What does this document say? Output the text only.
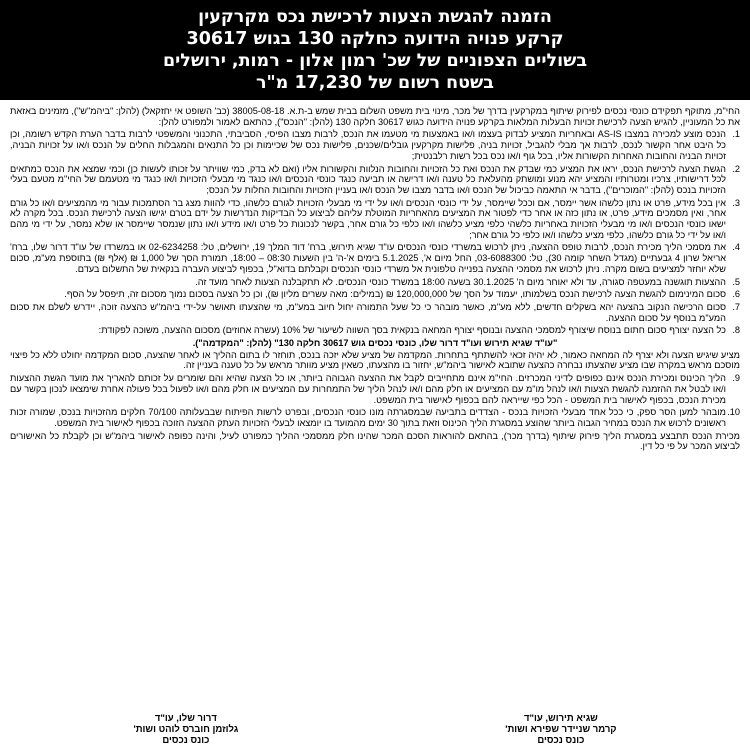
הזמנה להגשת הצעות לרכישת נכס מקרקעין
קרקע פנויה הידועה כחלקה 130 בגוש 30617
בשוליים הצפוניים של שכ' רמון אלון - רמות, ירושלים
בשטח רשום של 17,230 מ"ר

החי"מ, מתוקף תפקידם כונסי נכסים לפירוק שיתוף במקרקעין בדרך של מכר, מינוי בית משפט השלום בבית שמש ב-ת.א. 38005-08-18 (כב' השופט אי יחזקאל) (להלן: "ביהמ"ש"), מזמינים באזאת את כל המעוניין, להגיש הצעה לרכישת זכויות הבעלות המלאות בקרקע פנויה הידועה כגוש 30617 חלקה 130 (להלן: "הנכס"), כהתאם לאמור ולמפורט להלן:

1.
הנכס מוצע למכירה במצבו AS-IS ובאחריות המציע לבדוק בעצמו ו/או באמצעות מי מטעמו את הנכס, לרבות מצבו הפיסי, הסביבתי, התכנוני והמשפטי לרבות בדבר הערת הקדש רשומה, וכן כל היבט אחר הקשור לנכס, לרבות אך מבלי להגביל, זכויות בניה, פלישות מקרקעין גובלים/שכנים, פלישות נכס של שכיימות וכן כל התנאים והמגבלות החלים על הנכס ו/או על זכויות הבניה, זכויות הבניה והחובות האחרות הקשורות אליו, בכל גוף ו/או נכס בכל רשות רלבנטית;
2.
הגשת הצעה לרכישת הנכס, יראו את המציע כמי שבדק את הנכס ואת כל הזכויות והחובות הנלוות והקשורות אליו (ואם לא בדק, כמי שוויתר על זכותו לעשות כן) וכמי שמצא את הנכס כמתאים לכל דרישותיו, צרכיו ומטרותיו והמציע יהא מנוע ומושתק מהעלאת כל טענה ו/או דרישה או תביעה כנגד כונסי הנכסים ו/או כנגד מי מבעלי הזכויות ו/או כנגד מי מטעמם של החי"מ מטעם בעלי הזכויות בנכס (להלן: "המוכרים"), בדבר אי התאמה כביכול של הנכס ו/או בדבר מצבו של הנכס ו/או בעניין הזכויות והחובות החלות על הנכס;
3.
אין בכל מידע, פרט או נתון כלשהו אשר יימסר, אם וככל שיימסר, על ידי כונסי הנכסים ו/או על ידי מי מבעלי הזכויות לגורם כלשהו, כדי להוות מצג בר הסתמכות עבור מי מהמציעים ו/או כל גורם אחר, ואין מסמכים מידע, פרט, או נתון כזה או אחר כדי לפטור את המציעים מהאחריות המוטלת עליהם לביצוע כל הבדיקות הנדרשות על ידם בטרם יגישו הצעה לרכישת הנכס. בכל מקרה לא ישאו כונסי הנכסים ו/או מי מבעלי הזכויות באחריות כלשהי כלפי מציע כלשהו ו/או כלפי כל גורם אחר, בקשר לנכונות כל פרט ו/או מידע ו/או נתון שנמסר שיימסר או שלא נמסר, על ידי מי מהם ו/או על ידי כל גורם כלשהו, כלפי מציע כלשהו ו/או כלפי כל גורם אחר;
4.
את מסמכי הליך מכירת הנכס, לרבות טופס ההצעה, ניתן לרכוש במשרדי כונסי הנכסים עו"ד שגיא תירוש, ברח' דוד המלך 19, ירושלים, טל: 02-6234258 או במשרדו של עו"ד דרור שלו, ברח' אריאל שרון 4 גבעתיים (מגדל השחר קומה 30), טל: 03-6088300, החל מיום א', 5.1.2025 בימים א'-ה' בין השעות 08:30 – 18:00, תמורת הסך של 1,000 ₪ (אלף ₪) בתוספת מע"מ, סכום שלא יוחזר למציעים בשום מקרה. ניתן לרכוש את מסמכי ההצעה בפנייה טלפונית אל משרדי כונסי הנכסים וקבלתם בדוא"ל, בכפוף לביצוע העברה בנקאית של התשלום בעדם.
5.
ההצעות תוגשנה במעטפה סגורה, עד ולא יאוחר מיום ה' 30.1.2025 בשעה 18:00 במשרד כונסי הנכסים. לא תתקבלנה הצעות לאחר מועד זה.
6.
סכום המינימום להגשת הצעה לרכישת הנכס בשלמותו, יעמוד על הסך של 120,000,000 ₪ (במילים: מאה עשרים מליון ₪), וכן כל הצעה בסכום נמוך מסכום זה, תיפסל על הסף.
7.
סכום הרכישה הנקוב בהצעה יהא בשקלים חדשים, ללא מע"מ, כאשר מובהר כי כל שעל התמורה יחול חיוב במע"מ, מי שהצעתו תאושר על-ידי ביהמ"ש כהצעה זוכה, יידרש לשלם את סכום המע"מ בנוסף על סכום ההצעה.
8.
כל הצעה יצורף סכום חתום בנוסח שיצורף למסמכי ההצעה ובנוסף יצורף המחאה בנקאית בסך השווה לשיעור של 10% (עשרה אחוזים) מסכום ההצעה, משוכה לפקודת:
"עו"ד שגיא תירוש ועו"ד דרור שלו, כונסי נכסים גוש 30617 חלקה 130" (להלן: "המקדמה").

מציע שיגיש הצעה ולא יצרף לה המחאה כאמור, לא יהיה זכאי להשתתף בתחרות. המקדמה של מציע שלא יזכה בנכס, תוחזר לו בתום ההליך או לאחר שהצעה, סכום המקדמה יחולט ללא כל פיצוי מוסכם מראש במקרה שבו מציע שהצעתו נבחרה כהצעה שתובא לאישור ביהמ"ש, יחזור בו מהצעתו, כשאין מציע מוותר מראש על כל טענה בעניין זה.

9.
הליך הכינוס ומכירת הנכס אינם כפופים לדיני המכרזים. החי"מ אינם מתחייבים לקבל את ההצעה הגבוהה ביותר, או כל הצעה שהיא והם שומרים על זכותם להאריך את מועד הגשת ההצעות ו/או לבטל את ההזמנה להגשת הצעות ו/או לנהל מו"מ עם המציעים או חלק מהם ו/או לנהל הליך של התמחרות עם המציעים או חלק מהם ו/או לפעול בכל פעולה אחרת שימצאו לנכון בקשר עם מכירת הנכס, בכפוף לאישור בית המשפט - הכל כפי שייראה להם בכפוף לאישור בית המשפט.
10.
מובהר למען הסר ספק, כי ככל אחד מבעלי הזכויות בנכס - הצדדים בתביעה שבמסגרתה מונו כונסי הנכסים, ובפרט לרשות הפיתוח שבבעלותה 70/100 חלקים מהזכויות בנכס, שמורה זכות ראשונים לרכוש את הנכס במחיר הגבוה ביותר שהוצע במסגרת הליך הכינוס וזאת בתוך 30 ימים מהמועד בו יומצאו לבעלי הזכויות העתק ההצעה הזוכה בכפוף לאישור בית המשפט.

מכירת הנכס תתבצע במסגרת הליך פירוק שיתוף (בדרך מכר), בהתאם להוראות הסכם המכר שהינו חלק ממסמכי ההליך כמפורט לעיל, והינה כפופה לאישור ביהמ"ש וכן לקבלת כל האישורים לביצוע המכר על פי כל דין.

שגיא תירוש, עו"ד
קרמר שניידר שפירא ושות'
כונס נכסים
דרור שלו, עו"ד
גלוזמן חוברס לוהט ושות'
כונס נכסים
